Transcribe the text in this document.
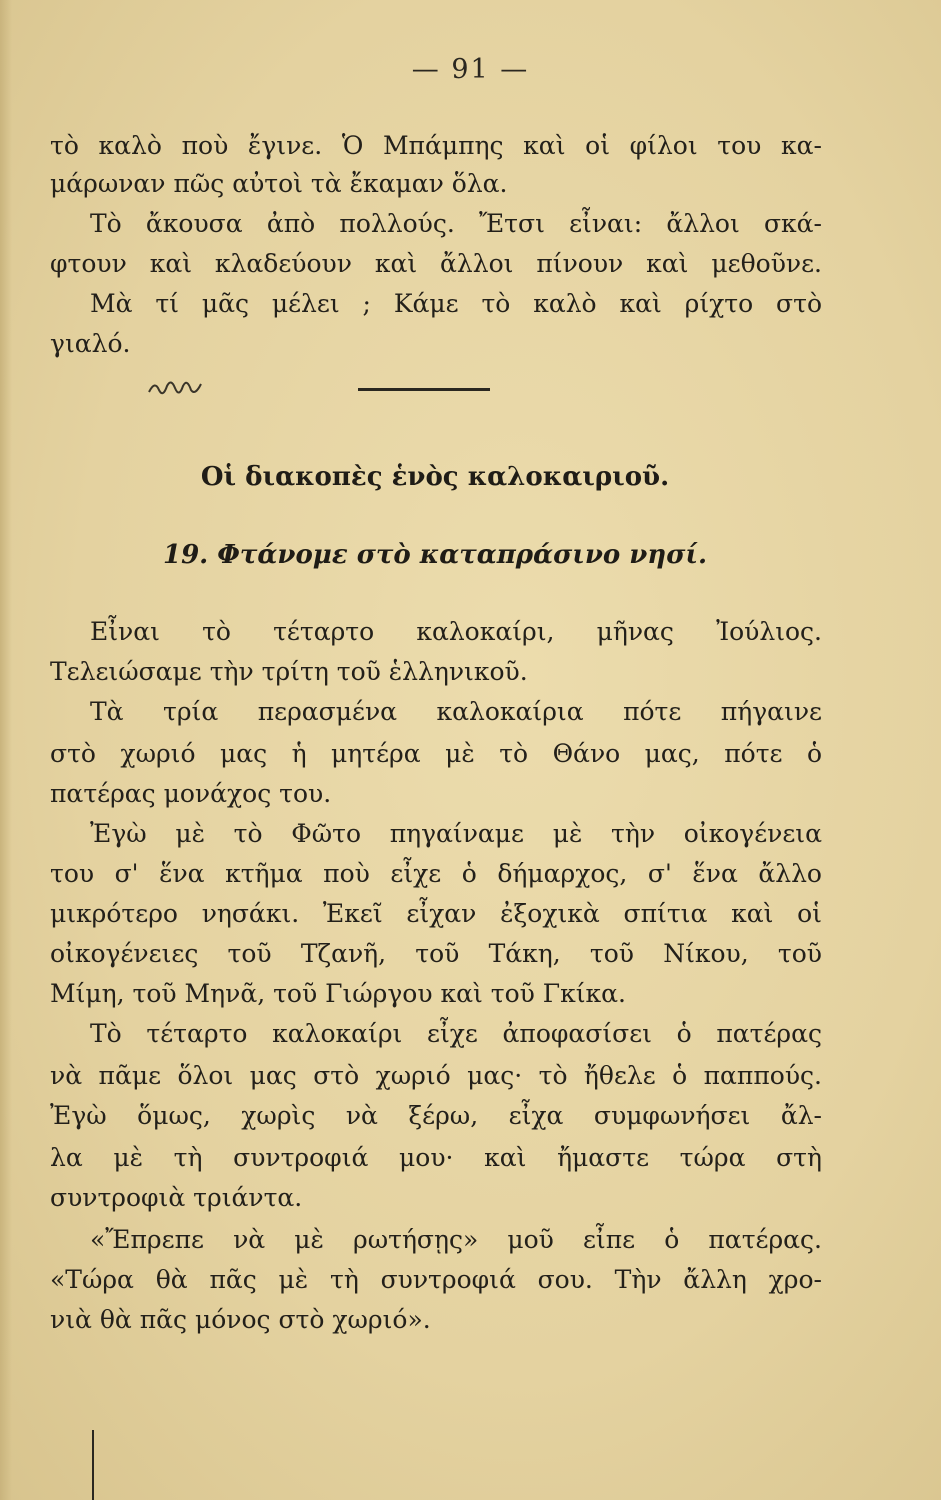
— 91 —
τὸ καλὸ ποὺ ἔγινε. Ὁ Μπάμπης καὶ οἱ φίλοι του κα-
μάρωναν πῶς αὐτοὶ τὰ ἔκαμαν ὅλα.
Τὸ ἄκουσα ἀπὸ πολλούς. Ἔτσι εἶναι: ἄλλοι σκά-
φτουν καὶ κλαδεύουν καὶ ἄλλοι πίνουν καὶ μεθοῦνε.
Μὰ τί μᾶς μέλει ; Κάμε τὸ καλὸ καὶ ρίχτο στὸ
γιαλό.
Οἱ διακοπὲς ἑνὸς καλοκαιριοῦ.
19. Φτάνομε στὸ καταπράσινο νησί.
Εἶναι τὸ τέταρτο καλοκαίρι, μῆνας Ἰούλιος.
Τελειώσαμε τὴν τρίτη τοῦ ἑλληνικοῦ.
Τὰ τρία περασμένα καλοκαίρια πότε πήγαινε
στὸ χωριό μας ἡ μητέρα μὲ τὸ Θάνο μας, πότε ὁ
πατέρας μονάχος του.
Ἐγὼ μὲ τὸ Φῶτο πηγαίναμε μὲ τὴν οἰκογένεια
του σ' ἕνα κτῆμα ποὺ εἶχε ὁ δήμαρχος, σ' ἕνα ἄλλο
μικρότερο νησάκι. Ἐκεῖ εἶχαν ἐξοχικὰ σπίτια καὶ οἱ
οἰκογένειες τοῦ Τζανῆ, τοῦ Τάκη, τοῦ Νίκου, τοῦ
Μίμη, τοῦ Μηνᾶ, τοῦ Γιώργου καὶ τοῦ Γκίκα.
Τὸ τέταρτο καλοκαίρι εἶχε ἀποφασίσει ὁ πατέρας
νὰ πᾶμε ὅλοι μας στὸ χωριό μας· τὸ ἤθελε ὁ παππούς.
Ἐγὼ ὅμως, χωρὶς νὰ ξέρω, εἶχα συμφωνήσει ἄλ-
λα μὲ τὴ συντροφιά μου· καὶ ἤμαστε τώρα στὴ
συντροφιὰ τριάντα.
«Ἔπρεπε νὰ μὲ ρωτήσῃς» μοῦ εἶπε ὁ πατέρας.
«Τώρα θὰ πᾶς μὲ τὴ συντροφιά σου. Τὴν ἄλλη χρο-
νιὰ θὰ πᾶς μόνος στὸ χωριό».
